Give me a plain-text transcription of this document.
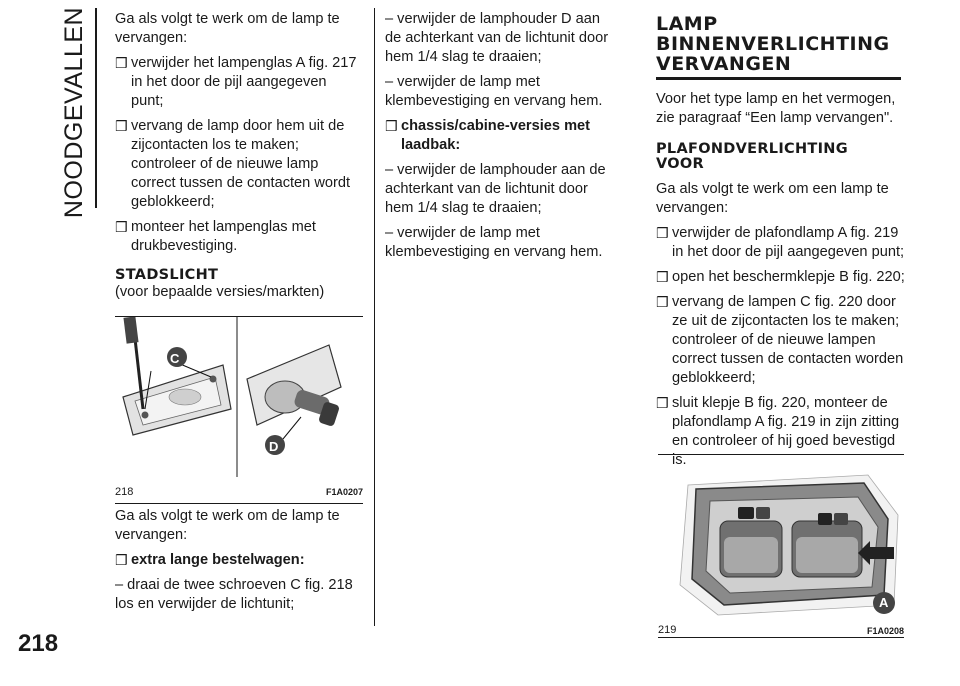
NOODGEVALLEN
218

Ga als volgt te werk om de lamp te vervangen:

❒ verwijder het lampenglas A fig. 217 in het door de pijl aangegeven punt;
❒ vervang de lamp door hem uit de zijcontacten los te maken; controleer of de nieuwe lamp correct tussen de contacten wordt geblokkeerd;
❒ monteer het lampenglas met drukbevestiging.
STADSLICHT

(voor bepaalde versies/markten)

C
D
218	F1A0207

Ga als volgt te werk om de lamp te vervangen:

❒ extra lange bestelwagen:

– draai de twee schroeven C fig. 218 los en verwijder de lichtunit;

– verwijder de lamphouder D aan de achterkant van de lichtunit door hem 1/4 slag te draaien;

– verwijder de lamp met klembevestiging en vervang hem.

❒ chassis/cabine-versies met laadbak:

– verwijder de lamphouder aan de achterkant van de lichtunit door hem 1/4 slag te draaien;

– verwijder de lamp met klembevestiging en vervang hem.

LAMP
BINNENVERLICHTING
VERVANGEN

Voor het type lamp en het vermogen, zie paragraaf “Een lamp vervangen".

PLAFONDVERLICHTING
VOOR

Ga als volgt te werk om een lamp te vervangen:

❒ verwijder de plafondlamp A fig. 219 in het door de pijl aangegeven punt;
❒ open het beschermklepje B fig. 220;
❒ vervang de lampen C fig. 220 door ze uit de zijcontacten los te maken; controleer of de nieuwe lampen correct tussen de contacten worden geblokkeerd;
❒ sluit klepje B fig. 220, monteer de plafondlamp A fig. 219 in zijn zitting en controleer of hij goed bevestigd is.
A
219	F1A0208
